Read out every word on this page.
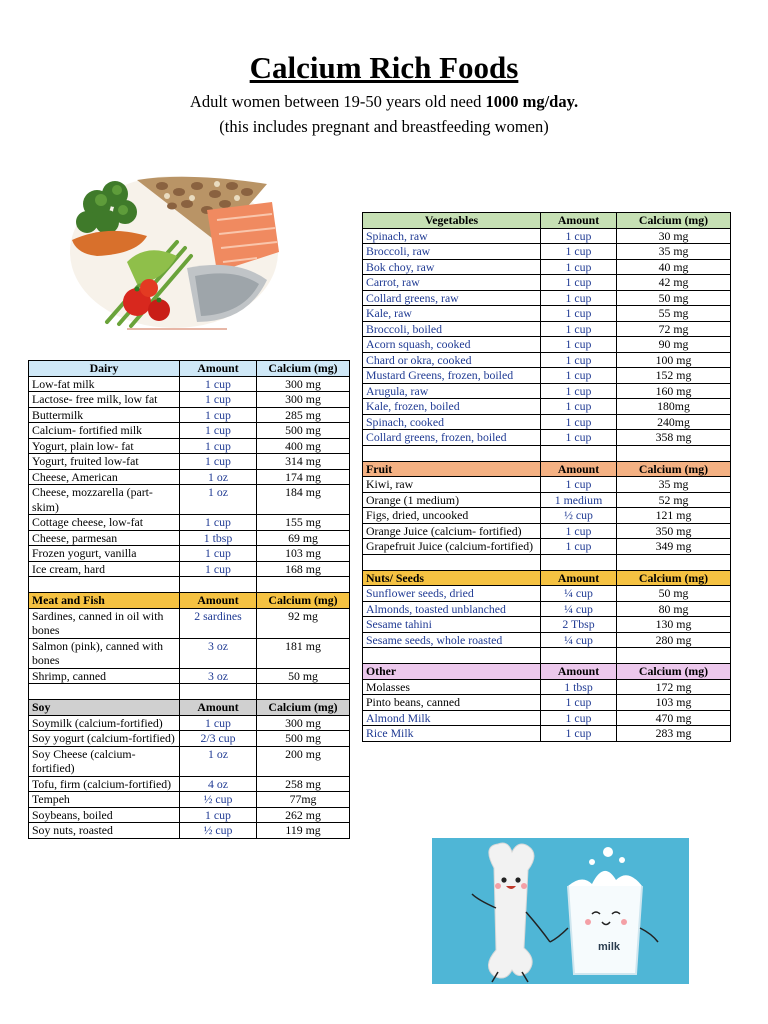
Calcium Rich Foods
Adult women between 19-50 years old need 1000 mg/day.
(this includes pregnant and breastfeeding women)
Dairy	Amount	Calcium (mg)
Low-fat milk	1 cup	300 mg
Lactose- free milk, low fat	1 cup	300 mg
Buttermilk	1 cup	285 mg
Calcium- fortified milk	1 cup	500 mg
Yogurt, plain low- fat	1 cup	400 mg
Yogurt, fruited low-fat	1 cup	314 mg
Cheese, American	1 oz	174 mg
Cheese, mozzarella (part-skim)	1 oz	184 mg
Cottage cheese, low-fat	1 cup	155 mg
Cheese, parmesan	1 tbsp	69 mg
Frozen yogurt, vanilla	1 cup	103 mg
Ice cream, hard	1 cup	168 mg

Meat and Fish	Amount	Calcium (mg)
Sardines, canned in oil with bones	2 sardines	92 mg
Salmon (pink), canned with bones	3 oz	181 mg
Shrimp, canned	3 oz	50 mg

Soy	Amount	Calcium (mg)
Soymilk (calcium-fortified)	1 cup	300 mg
Soy yogurt (calcium-fortified)	2/3 cup	500 mg
Soy Cheese (calcium-fortified)	1 oz	200 mg
Tofu, firm (calcium-fortified)	4 oz	258 mg
Tempeh	½ cup	77mg
Soybeans, boiled	1 cup	262 mg
Soy nuts, roasted	½ cup	119 mg
Vegetables	Amount	Calcium (mg)
Spinach, raw	1 cup	30 mg
Broccoli, raw	1 cup	35 mg
Bok choy, raw	1 cup	40 mg
Carrot, raw	1 cup	42 mg
Collard greens, raw	1 cup	50 mg
Kale, raw	1 cup	55 mg
Broccoli, boiled	1 cup	72 mg
Acorn squash, cooked	1 cup	90 mg
Chard or okra, cooked	1 cup	100 mg
Mustard Greens, frozen, boiled	1 cup	152 mg
Arugula, raw	1 cup	160 mg
Kale, frozen, boiled	1 cup	180mg
Spinach, cooked	1 cup	240mg
Collard greens, frozen, boiled	1 cup	358 mg

Fruit	Amount	Calcium (mg)
Kiwi, raw	1 cup	35 mg
Orange (1 medium)	1 medium	52 mg
Figs, dried, uncooked	½ cup	121 mg
Orange Juice (calcium- fortified)	1 cup	350 mg
Grapefruit Juice (calcium-fortified)	1 cup	349 mg

Nuts/ Seeds	Amount	Calcium (mg)
Sunflower seeds, dried	¼ cup	50 mg
Almonds, toasted unblanched	¼ cup	80 mg
Sesame tahini	2 Tbsp	130 mg
Sesame seeds, whole roasted	¼ cup	280 mg

Other	Amount	Calcium (mg)
Molasses	1 tbsp	172 mg
Pinto beans, canned	1 cup	103 mg
Almond Milk	1 cup	470 mg
Rice Milk	1 cup	283 mg
milk
